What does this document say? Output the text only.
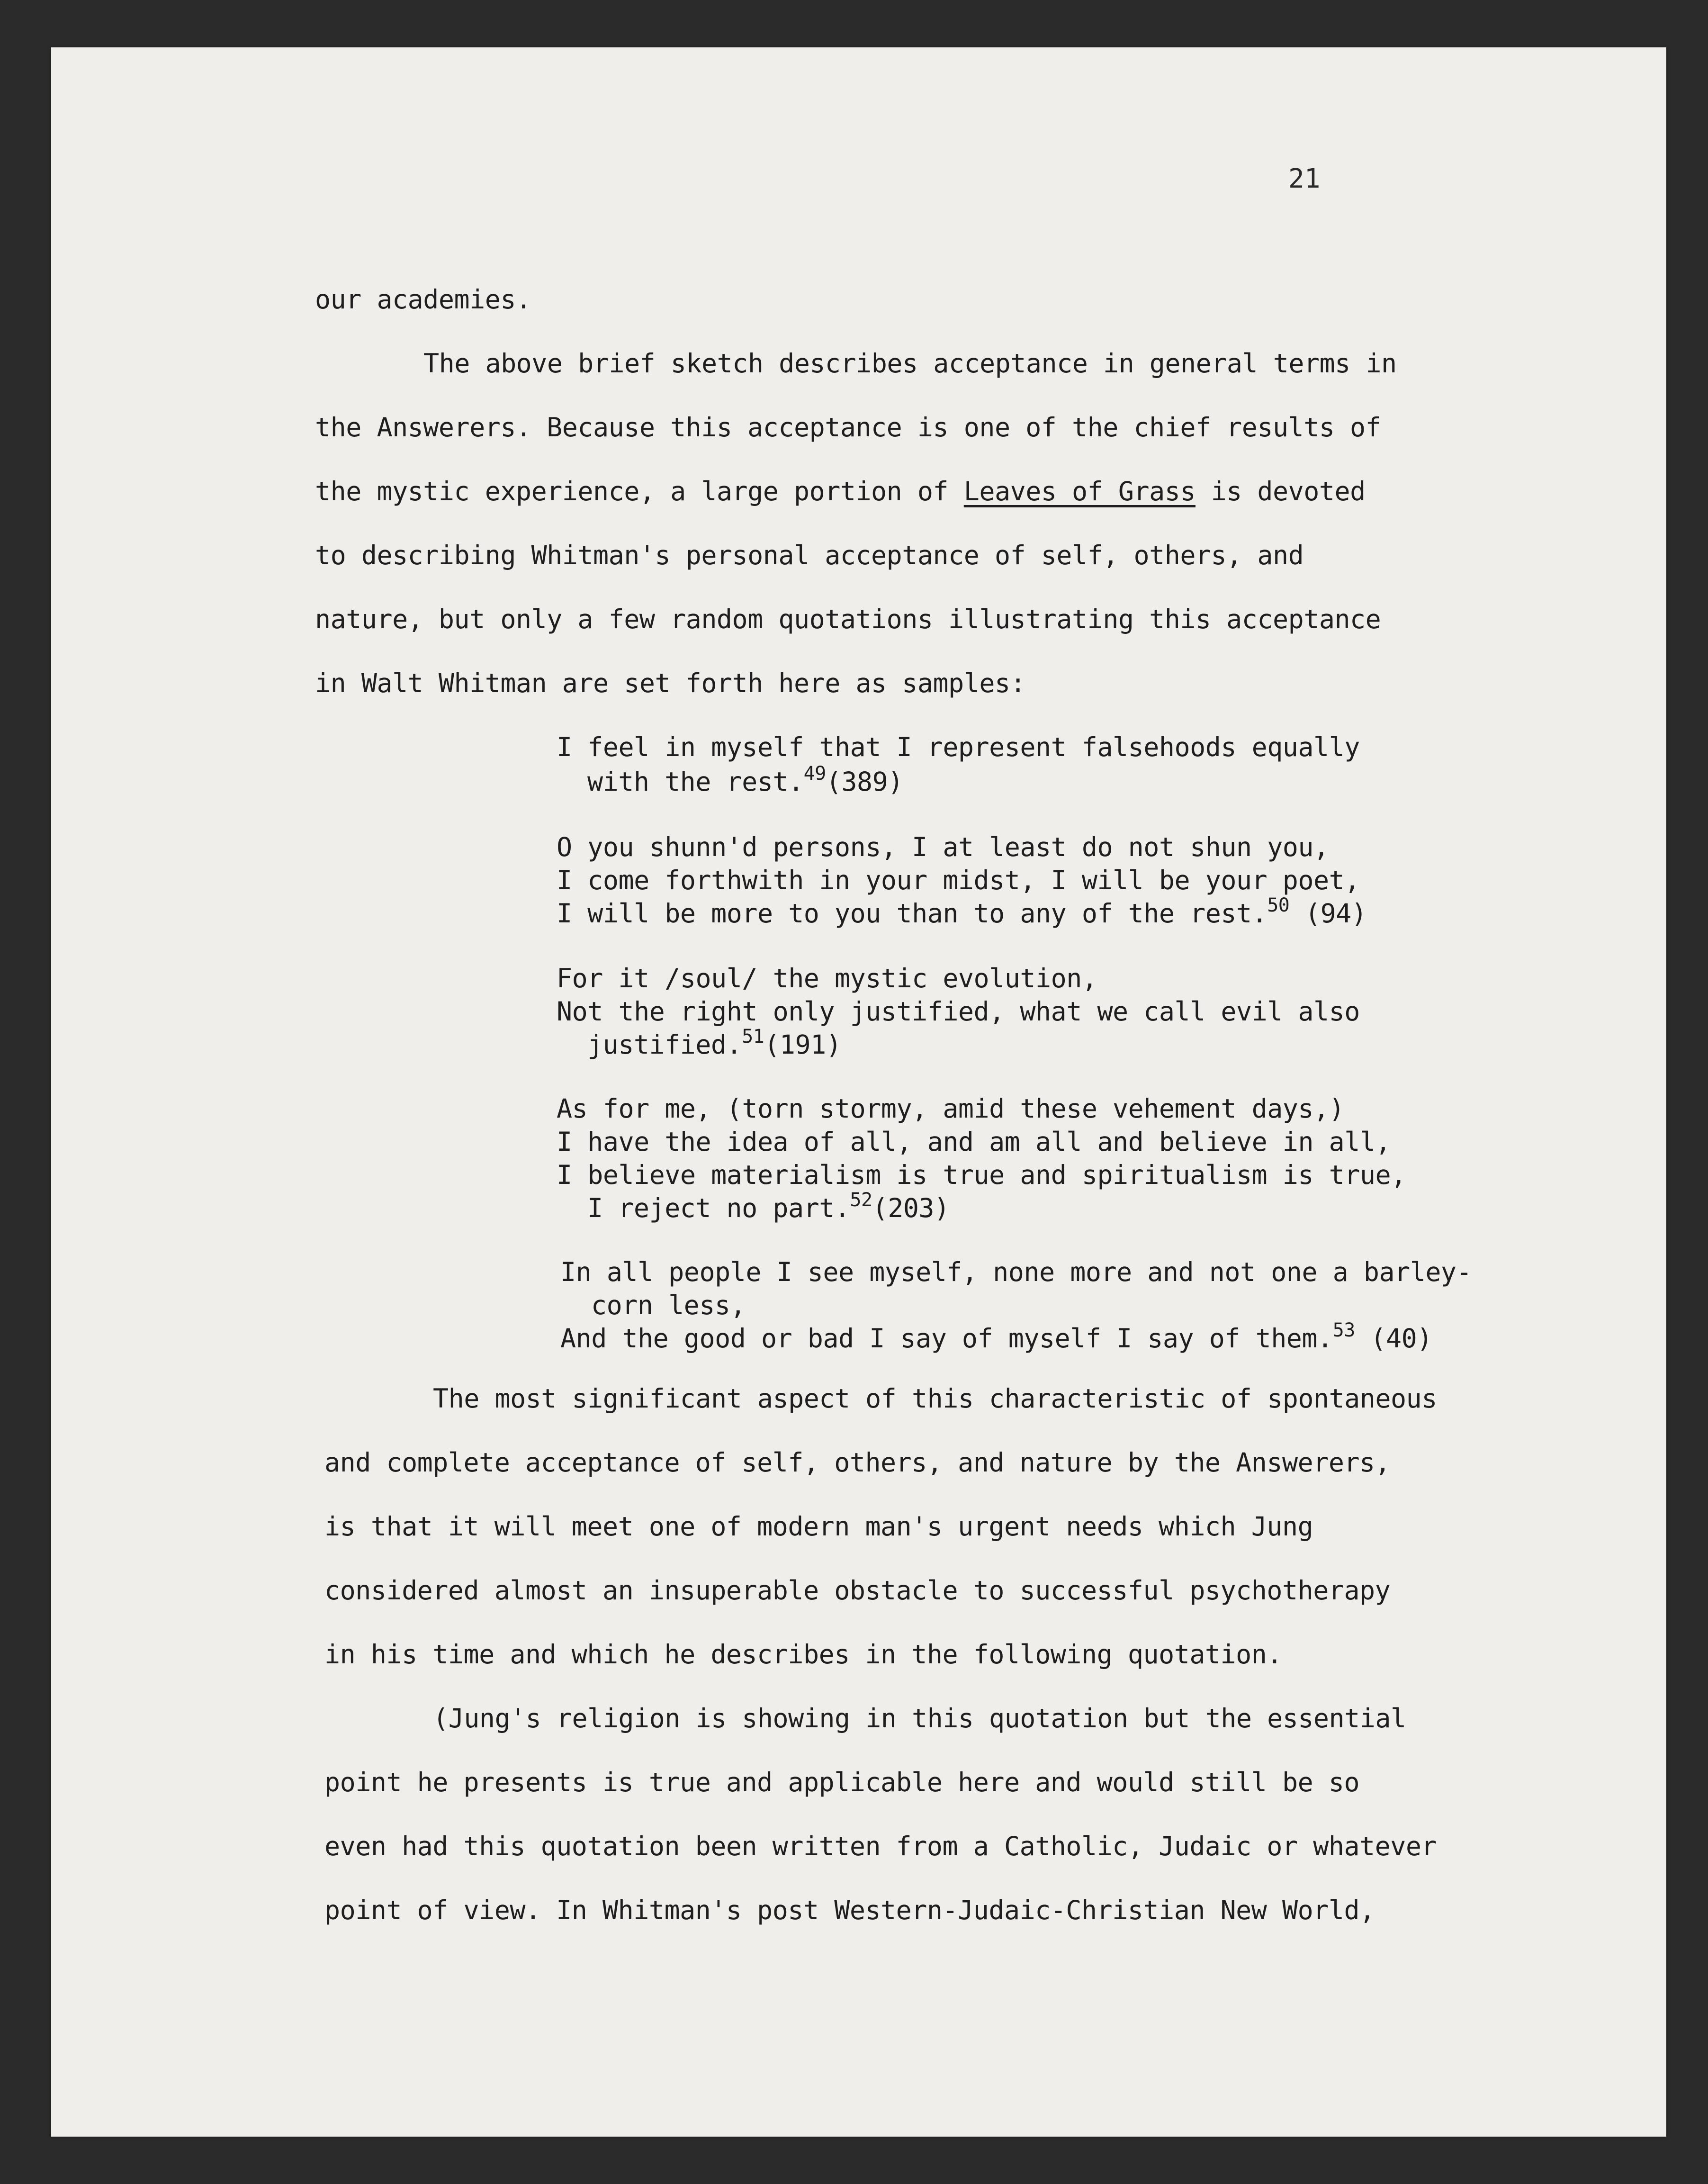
21
our academies.
The above brief sketch describes acceptance in general terms in
the Answerers. Because this acceptance is one of the chief results of
the mystic experience, a large portion of Leaves of Grass is devoted
to describing Whitman's personal acceptance of self, others, and
nature, but only a few random quotations illustrating this acceptance
in Walt Whitman are set forth here as samples:
I feel in myself that I represent falsehoods equally
with the rest.$^{49}$(389)
O you shunn'd persons, I at least do not shun you,
I come forthwith in your midst, I will be your poet,
I will be more to you than to any of the rest.$^{50}$ (94)
For it /soul/ the mystic evolution,
Not the right only justified, what we call evil also
justified.$^{51}$(191)
As for me, (torn stormy, amid these vehement days,)
I have the idea of all, and am all and believe in all,
I believe materialism is true and spiritualism is true,
I reject no part.$^{52}$(203)
In all people I see myself, none more and not one a barley-
corn less,
And the good or bad I say of myself I say of them.$^{53}$ (40)
The most significant aspect of this characteristic of spontaneous
and complete acceptance of self, others, and nature by the Answerers,
is that it will meet one of modern man's urgent needs which Jung
considered almost an insuperable obstacle to successful psychotherapy
in his time and which he describes in the following quotation.
(Jung's religion is showing in this quotation but the essential
point he presents is true and applicable here and would still be so
even had this quotation been written from a Catholic, Judaic or whatever
point of view. In Whitman's post Western-Judaic-Christian New World,
